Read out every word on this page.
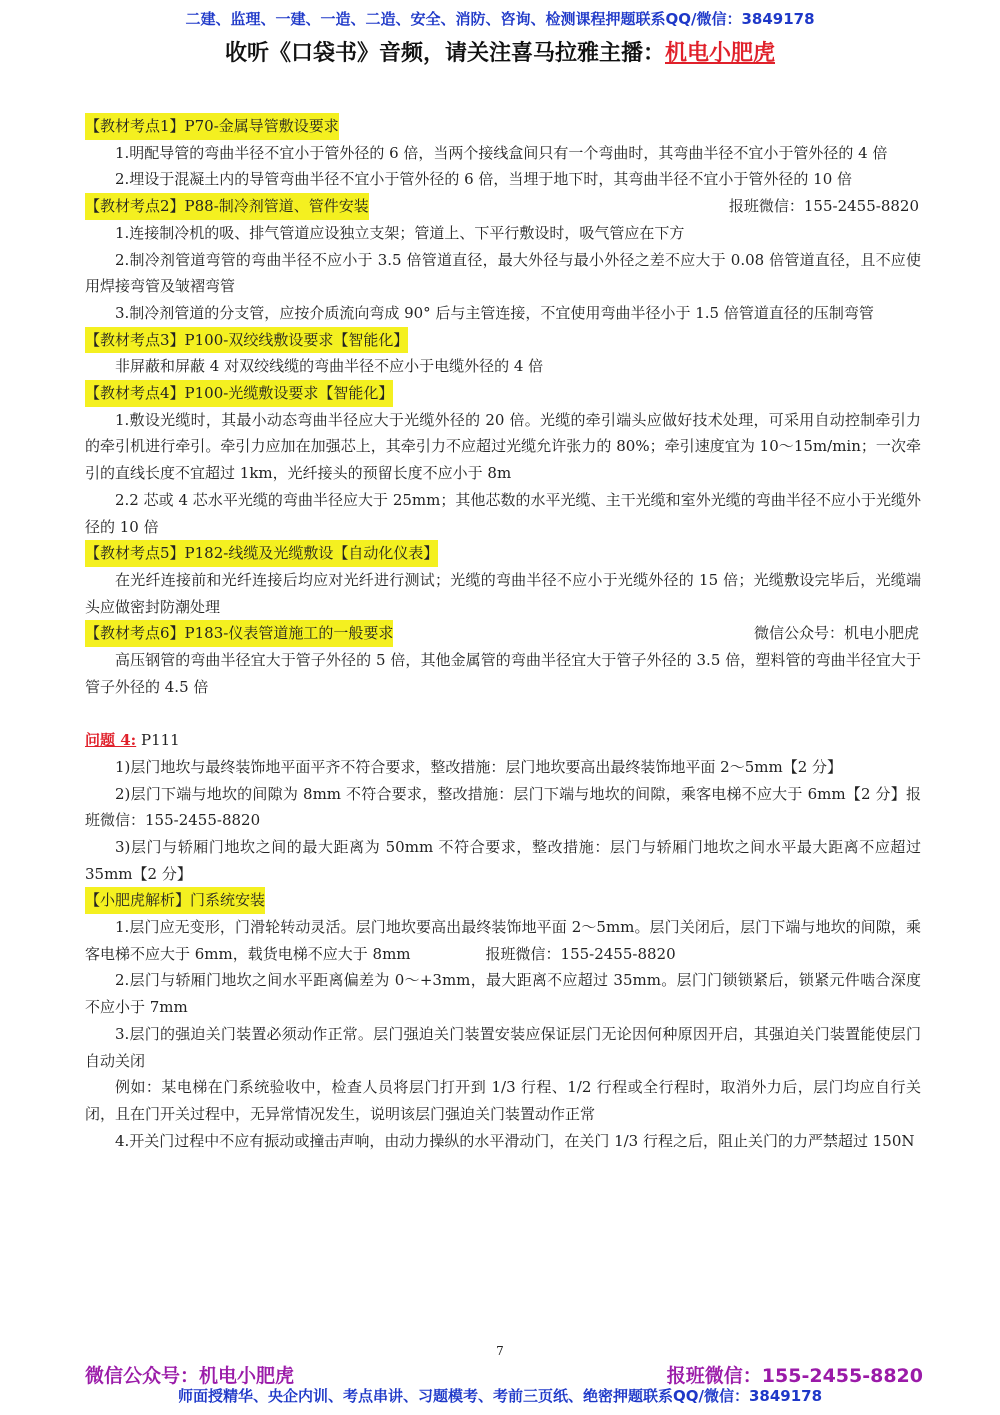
二建、监理、一建、一造、二造、安全、消防、咨询、检测课程押题联系QQ/微信：3849178
收听《口袋书》音频，请关注喜马拉雅主播：机电小肥虎
【教材考点1】P70-金属导管敷设要求

1.明配导管的弯曲半径不宜小于管外径的 6 倍，当两个接线盒间只有一个弯曲时，其弯曲半径不宜小于管外径的 4 倍

2.埋设于混凝土内的导管弯曲半径不宜小于管外径的 6 倍，当埋于地下时，其弯曲半径不宜小于管外径的 10 倍

【教材考点2】P88-制冷剂管道、管件安装	报班微信：155-2455-8820

1.连接制冷机的吸、排气管道应设独立支架；管道上、下平行敷设时，吸气管应在下方

2.制冷剂管道弯管的弯曲半径不应小于 3.5 倍管道直径，最大外径与最小外径之差不应大于 0.08 倍管道直径，且不应使用焊接弯管及皱褶弯管

3.制冷剂管道的分支管，应按介质流向弯成 90° 后与主管连接，不宜使用弯曲半径小于 1.5 倍管道直径的压制弯管

【教材考点3】P100-双绞线敷设要求【智能化】

非屏蔽和屏蔽 4 对双绞线缆的弯曲半径不应小于电缆外径的 4 倍

【教材考点4】P100-光缆敷设要求【智能化】

1.敷设光缆时，其最小动态弯曲半径应大于光缆外径的 20 倍。光缆的牵引端头应做好技术处理，可采用自动控制牵引力的牵引机进行牵引。牵引力应加在加强芯上，其牵引力不应超过光缆允许张力的 80%；牵引速度宜为 10～15m/min；一次牵引的直线长度不宜超过 1km，光纤接头的预留长度不应小于 8m

2.2 芯或 4 芯水平光缆的弯曲半径应大于 25mm；其他芯数的水平光缆、主干光缆和室外光缆的弯曲半径不应小于光缆外径的 10 倍

【教材考点5】P182-线缆及光缆敷设【自动化仪表】

在光纤连接前和光纤连接后均应对光纤进行测试；光缆的弯曲半径不应小于光缆外径的 15 倍；光缆敷设完毕后，光缆端头应做密封防潮处理

【教材考点6】P183-仪表管道施工的一般要求	微信公众号：机电小肥虎

高压钢管的弯曲半径宜大于管子外径的 5 倍，其他金属管的弯曲半径宜大于管子外径的 3.5 倍，塑料管的弯曲半径宜大于管子外径的 4.5 倍

问题 4: P111

1)层门地坎与最终装饰地平面平齐不符合要求，整改措施：层门地坎要高出最终装饰地平面 2～5mm【2 分】

2)层门下端与地坎的间隙为 8mm 不符合要求，整改措施：层门下端与地坎的间隙，乘客电梯不应大于 6mm【2 分】报班微信：155-2455-8820

3)层门与轿厢门地坎之间的最大距离为 50mm 不符合要求，整改措施：层门与轿厢门地坎之间水平最大距离不应超过 35mm【2 分】

【小肥虎解析】门系统安装

1.层门应无变形，门滑轮转动灵活。层门地坎要高出最终装饰地平面 2～5mm。层门关闭后，层门下端与地坎的间隙，乘客电梯不应大于 6mm，载货电梯不应大于 8mm　　　　　报班微信：155-2455-8820

2.层门与轿厢门地坎之间水平距离偏差为 0～+3mm，最大距离不应超过 35mm。层门门锁锁紧后，锁紧元件啮合深度不应小于 7mm

3.层门的强迫关门装置必须动作正常。层门强迫关门装置安装应保证层门无论因何种原因开启，其强迫关门装置能使层门自动关闭

例如：某电梯在门系统验收中，检查人员将层门打开到 1/3 行程、1/2 行程或全行程时，取消外力后，层门均应自行关闭，且在门开关过程中，无异常情况发生，说明该层门强迫关门装置动作正常

4.开关门过程中不应有振动或撞击声响，由动力操纵的水平滑动门，在关门 1/3 行程之后，阻止关门的力严禁超过 150N

7
微信公众号：机电小肥虎	报班微信：155-2455-8820
师面授精华、央企内训、考点串讲、习题模考、考前三页纸、绝密押题联系QQ/微信：3849178
